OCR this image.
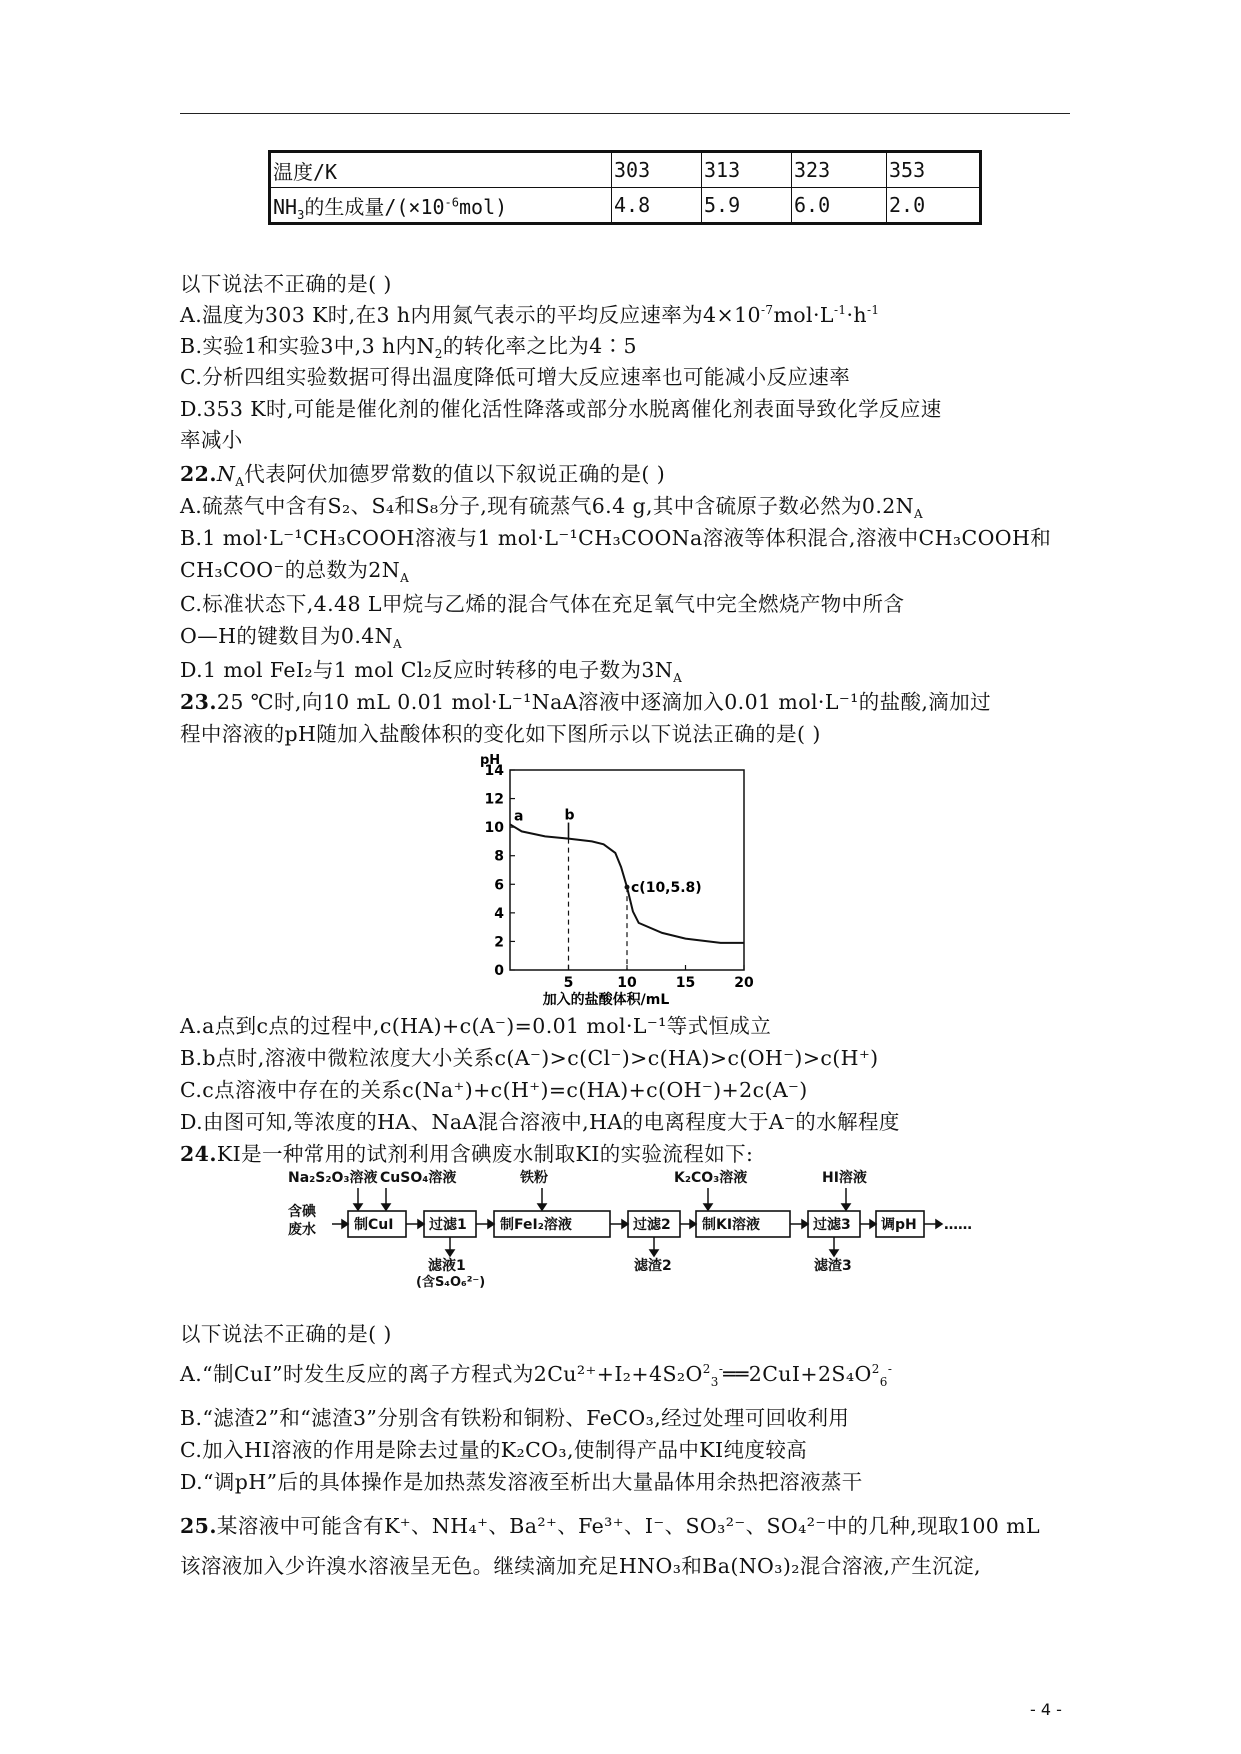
温度/K	303	313	323	353
$NH_3$的生成量$/(\times 10^{-6}mol)$	4.8	5.9	6.0	2.0
以下说法不正确的是( )
A.温度为303 K时,在3 h内用氮气表示的平均反应速率为$4\times 10^{-7}mol\cdot L^{-1}\cdot h^{-1}$
B.实验1和实验3中,3 h内$N_2$的转化率之比为4∶5
C.分析四组实验数据可得出温度降低可增大反应速率也可能减小反应速率
D.353 K时,可能是催化剂的催化活性降落或部分水脱离催化剂表面导致化学反应速
率减小
$22.N_A$代表阿伏加德罗常数的值以下叙说正确的是( )
A.硫蒸气中含有S₂、S₄和S₈分子,现有硫蒸气6.4 g,其中含硫原子数必然为$0.2N_A$
B.1 mol·L⁻¹CH₃COOH溶液与1 mol·L⁻¹CH₃COONa溶液等体积混合,溶液中CH₃COOH和
CH₃COO⁻的总数为$2N_A$
C.标准状态下,4.48 L甲烷与乙烯的混合气体在充足氧气中完全燃烧产物中所含
O—H的键数目为$0.4N_A$
D.1 mol FeI₂与1 mol Cl₂反应时转移的电子数为$3N_A$
23.25 ℃时,向10 mL 0.01 mol·L⁻¹NaA溶液中逐滴加入0.01 mol·L⁻¹的盐酸,滴加过
程中溶液的pH随加入盐酸体积的变化如下图所示以下说法正确的是( )
pH
0
2
4
6
8
10
12
14
5	10	15	20
加入的盐酸体积/mL
a	b
c(10,5.8)
A.a点到c点的过程中,c(HA)+c(A⁻)=0.01 mol·L⁻¹等式恒成立
B.b点时,溶液中微粒浓度大小关系c(A⁻)>c(Cl⁻)>c(HA)>c(OH⁻)>c(H⁺)
C.c点溶液中存在的关系c(Na⁺)+c(H⁺)=c(HA)+c(OH⁻)+2c(A⁻)
D.由图可知,等浓度的HA、NaA混合溶液中,HA的电离程度大于A⁻的水解程度
24.KI是一种常用的试剂利用含碘废水制取KI的实验流程如下:
Na₂S₂O₃溶液 CuSO₄溶液	铁粉	K₂CO₃溶液	HI溶液
含碘
废水	制CuI	过滤1 制FeI₂溶液	过滤2 制KI溶液	过滤3 调pH ……
滤液1
(含S₄O₆²⁻)
滤渣2	滤渣3
以下说法不正确的是( )
A.“制CuI”时发生反应的离子方程式为$2Cu^{2+}+I_2+4S_2O^2_3^-══2CuI+2S_4O^2_6^-$
B.“滤渣2”和“滤渣3”分别含有铁粉和铜粉、FeCO₃,经过处理可回收利用
C.加入HI溶液的作用是除去过量的K₂CO₃,使制得产品中KI纯度较高
D.“调pH”后的具体操作是加热蒸发溶液至析出大量晶体用余热把溶液蒸干
25.某溶液中可能含有K⁺、NH₄⁺、Ba²⁺、Fe³⁺、I⁻、SO₃²⁻、SO₄²⁻中的几种,现取100 mL
该溶液加入少许溴水溶液呈无色。继续滴加充足HNO₃和Ba(NO₃)₂混合溶液,产生沉淀,
- 4 -
